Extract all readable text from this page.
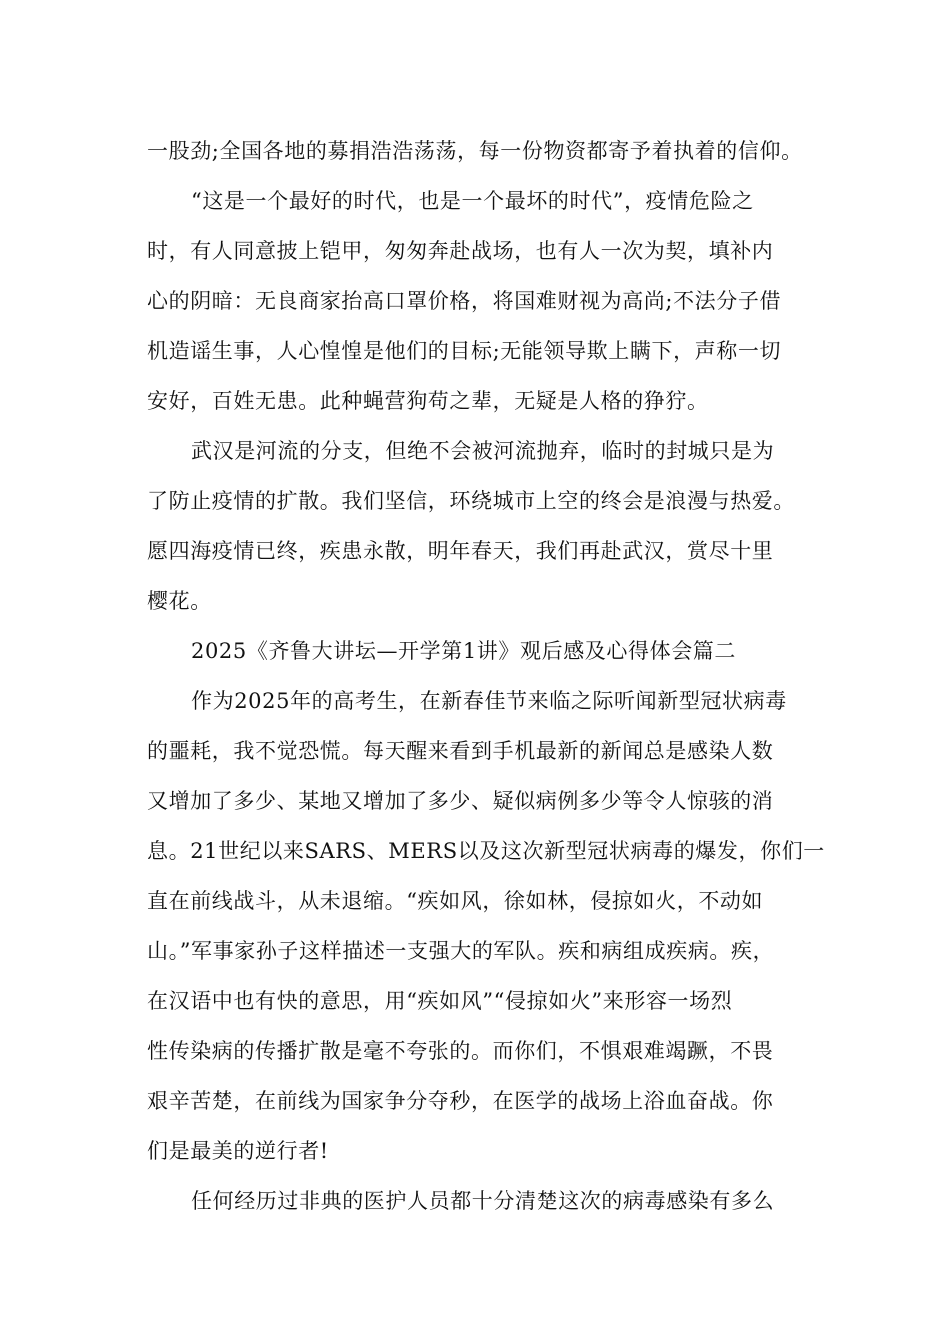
一股劲;全国各地的募捐浩浩荡荡，每一份物资都寄予着执着的信仰。
“这是一个最好的时代，也是一个最坏的时代”，疫情危险之
时，有人同意披上铠甲，匆匆奔赴战场，也有人一次为契，填补内
心的阴暗：无良商家抬高口罩价格，将国难财视为高尚;不法分子借
机造谣生事，人心惶惶是他们的目标;无能领导欺上瞒下，声称一切
安好，百姓无患。此种蝇营狗苟之辈，无疑是人格的狰狞。
武汉是河流的分支，但绝不会被河流抛弃，临时的封城只是为
了防止疫情的扩散。我们坚信，环绕城市上空的终会是浪漫与热爱。
愿四海疫情已终，疾患永散，明年春天，我们再赴武汉，赏尽十里
樱花。
2025《齐鲁大讲坛—开学第1讲》观后感及心得体会篇二
作为2025年的高考生，在新春佳节来临之际听闻新型冠状病毒
的噩耗，我不觉恐慌。每天醒来看到手机最新的新闻总是感染人数
又增加了多少、某地又增加了多少、疑似病例多少等令人惊骇的消
息。21世纪以来SARS、MERS以及这次新型冠状病毒的爆发，你们一
直在前线战斗，从未退缩。“疾如风，徐如林，侵掠如火，不动如
山。”军事家孙子这样描述一支强大的军队。疾和病组成疾病。疾，
在汉语中也有快的意思，用“疾如风”“侵掠如火”来形容一场烈
性传染病的传播扩散是毫不夸张的。而你们，不惧艰难竭蹶，不畏
艰辛苦楚，在前线为国家争分夺秒，在医学的战场上浴血奋战。你
们是最美的逆行者!
任何经历过非典的医护人员都十分清楚这次的病毒感染有多么
